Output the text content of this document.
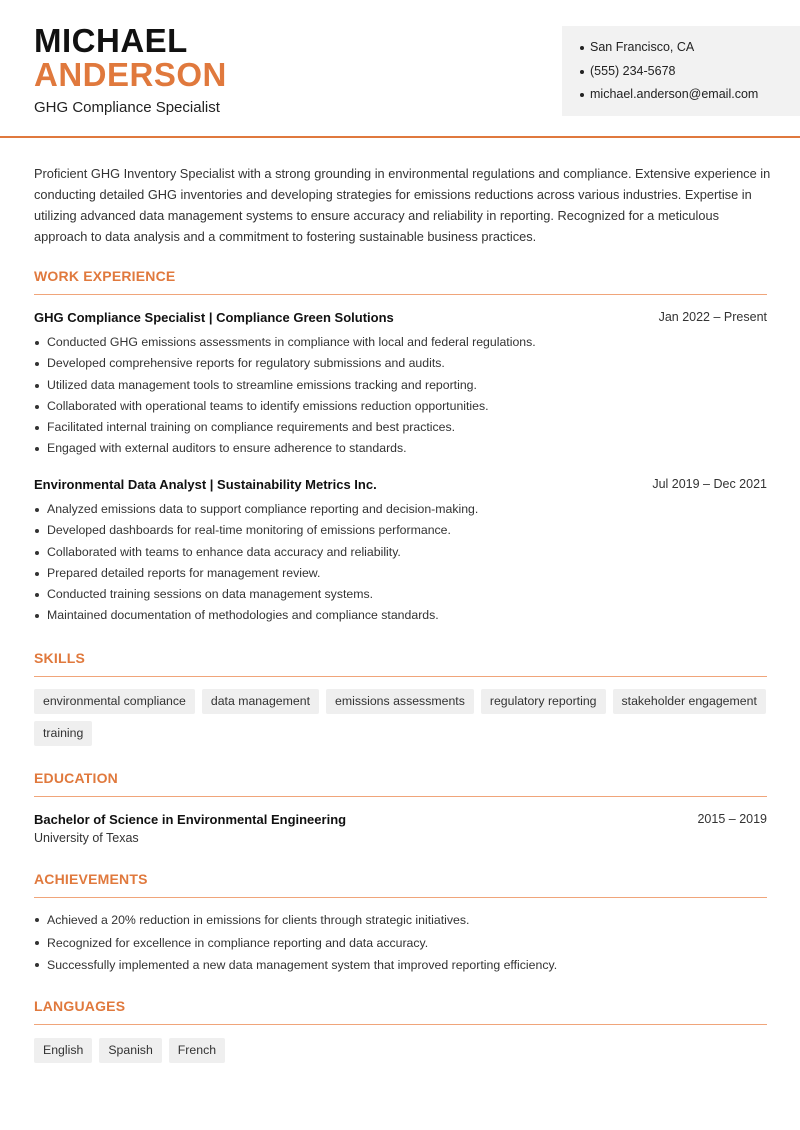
MICHAEL
ANDERSON
GHG Compliance Specialist
San Francisco, CA
(555) 234-5678
michael.anderson@email.com
Proficient GHG Inventory Specialist with a strong grounding in environmental regulations and compliance. Extensive experience in conducting detailed GHG inventories and developing strategies for emissions reductions across various industries. Expertise in utilizing advanced data management systems to ensure accuracy and reliability in reporting. Recognized for a meticulous approach to data analysis and a commitment to fostering sustainable business practices.
WORK EXPERIENCE
GHG Compliance Specialist | Compliance Green Solutions	Jan 2022 – Present
Conducted GHG emissions assessments in compliance with local and federal regulations.
Developed comprehensive reports for regulatory submissions and audits.
Utilized data management tools to streamline emissions tracking and reporting.
Collaborated with operational teams to identify emissions reduction opportunities.
Facilitated internal training on compliance requirements and best practices.
Engaged with external auditors to ensure adherence to standards.
Environmental Data Analyst | Sustainability Metrics Inc.	Jul 2019 – Dec 2021
Analyzed emissions data to support compliance reporting and decision-making.
Developed dashboards for real-time monitoring of emissions performance.
Collaborated with teams to enhance data accuracy and reliability.
Prepared detailed reports for management review.
Conducted training sessions on data management systems.
Maintained documentation of methodologies and compliance standards.
SKILLS
environmental compliance	data management	emissions assessments	regulatory reporting	stakeholder engagement
training
EDUCATION
Bachelor of Science in Environmental Engineering	2015 – 2019
University of Texas
ACHIEVEMENTS
Achieved a 20% reduction in emissions for clients through strategic initiatives.
Recognized for excellence in compliance reporting and data accuracy.
Successfully implemented a new data management system that improved reporting efficiency.
LANGUAGES
English	Spanish	French
